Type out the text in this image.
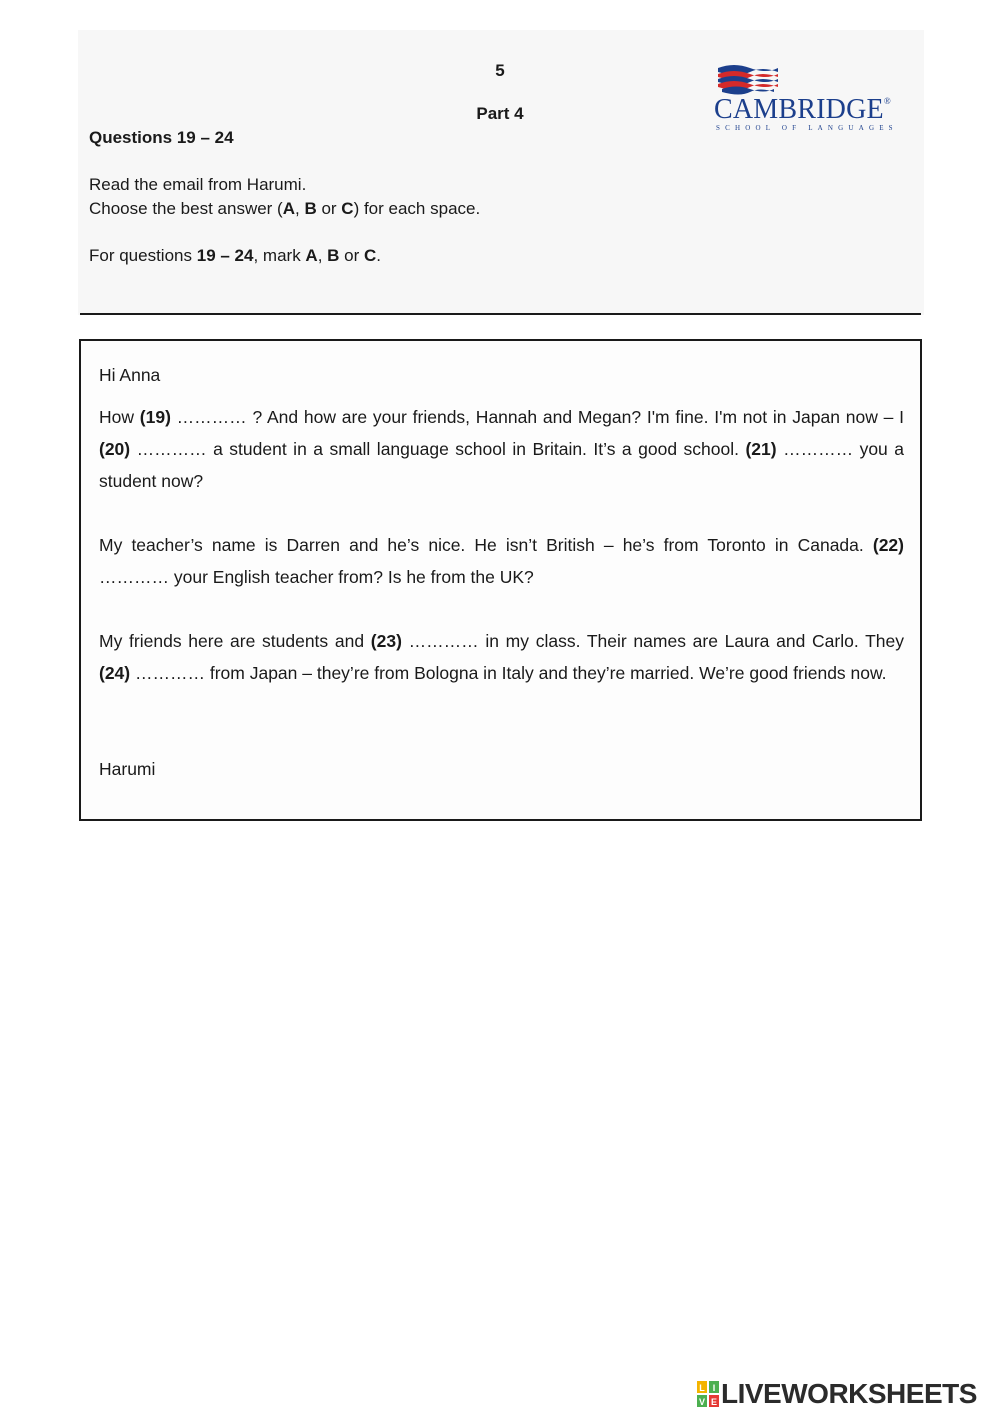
5
Part 4
Questions 19 – 24
CAMBRIDGE®
SCHOOL OF LANGUAGES
Read the email from Harumi.
Choose the best answer (A, B or C) for each space.
For questions 19 – 24, mark A, B or C.
Hi Anna
How (19) ………… ? And how are your friends, Hannah and Megan? I'm fine. I'm not in Japan now – I (20) ………… a student in a small language school in Britain. It’s a good school. (21) ………… you a student now?
My teacher’s name is Darren and he’s nice. He isn’t British – he’s from Toronto in Canada. (22) ………… your English teacher from? Is he from the UK?
My friends here are students and (23) ………… in my class. Their names are Laura and Carlo. They (24) ………… from Japan – they’re from Bologna in Italy and they’re married. We’re good friends now.
Harumi
L I
V E LIVEWORKSHEETS
